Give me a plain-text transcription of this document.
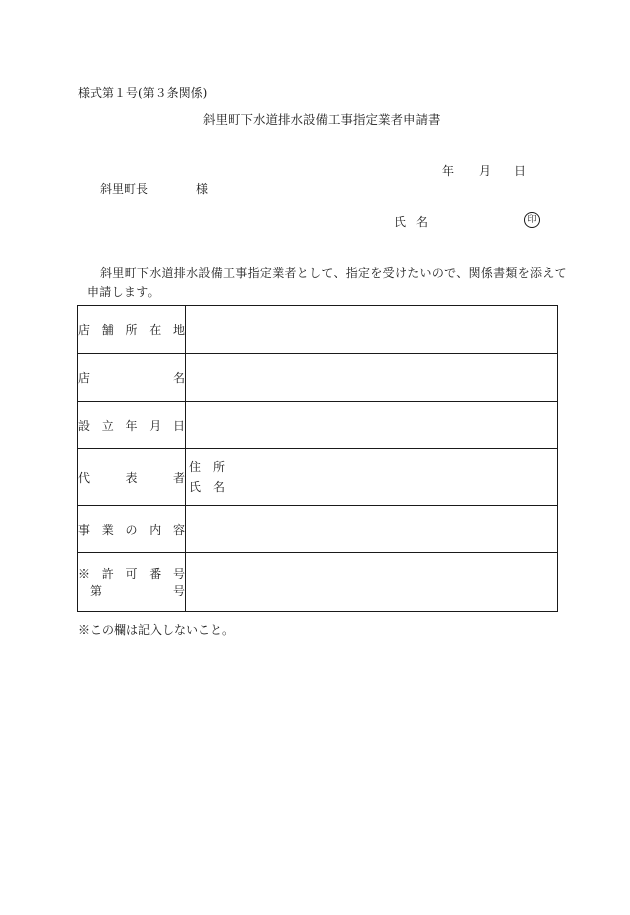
様式第１号(第３条関係)
斜里町下水道排水設備工事指定業者申請書
年 月 日
斜里町長	様
氏名	印
斜里町下水道排水設備工事指定業者として、指定を受けたいので、関係書類を添えて
申請します。
店舗所在地	

店名	

設立年月日	

代表者	住所
氏名

事業の内容	

※許可番号
第 号	

※この欄は記入しないこと。
